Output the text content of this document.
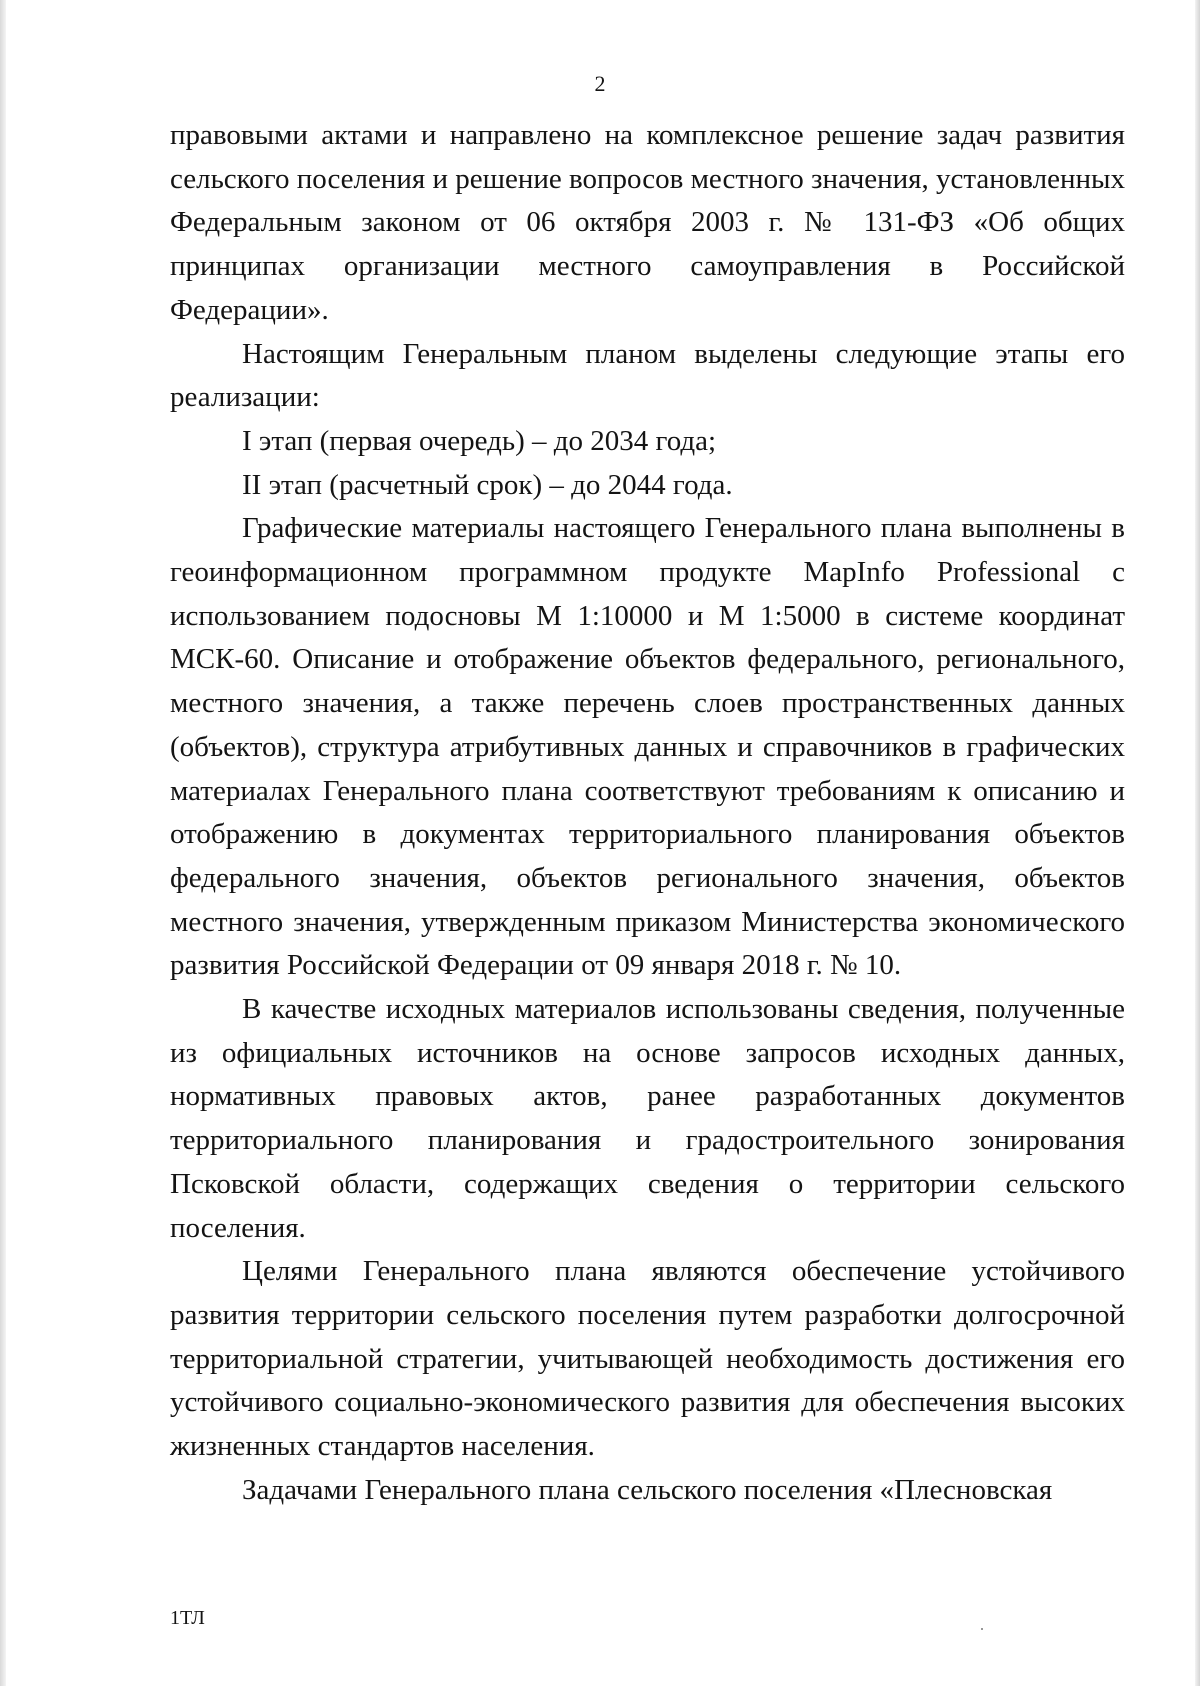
2

правовыми актами и направлено на комплексное решение задач развития сельского поселения и решение вопросов местного значения, установленных Федеральным законом от 06 октября 2003 г. № 131-ФЗ «Об общих принципах организации местного самоуправления в Российской Федерации».

Настоящим Генеральным планом выделены следующие этапы его реализации:

I этап (первая очередь) – до 2034 года;

II этап (расчетный срок) – до 2044 года.

Графические материалы настоящего Генерального плана выполнены в геоинформационном программном продукте MapInfo Professional с использованием подосновы М 1:10000 и М 1:5000 в системе координат МСК-60. Описание и отображение объектов федерального, регионального, местного значения, а также перечень слоев пространственных данных (объектов), структура атрибутивных данных и справочников в графических материалах Генерального плана соответствуют требованиям к описанию и отображению в документах территориального планирования объектов федерального значения, объектов регионального значения, объектов местного значения, утвержденным приказом Министерства экономического развития Российской Федерации от 09 января 2018 г. № 10.

В качестве исходных материалов использованы сведения, полученные из официальных источников на основе запросов исходных данных, нормативных правовых актов, ранее разработанных документов территориального планирования и градостроительного зонирования Псковской области, содержащих сведения о территории сельского поселения.

Целями Генерального плана являются обеспечение устойчивого развития территории сельского поселения путем разработки долгосрочной территориальной стратегии, учитывающей необходимость достижения его устойчивого социально-экономического развития для обеспечения высоких жизненных стандартов населения.

Задачами Генерального плана сельского поселения «Плесновская

1ТЛ
